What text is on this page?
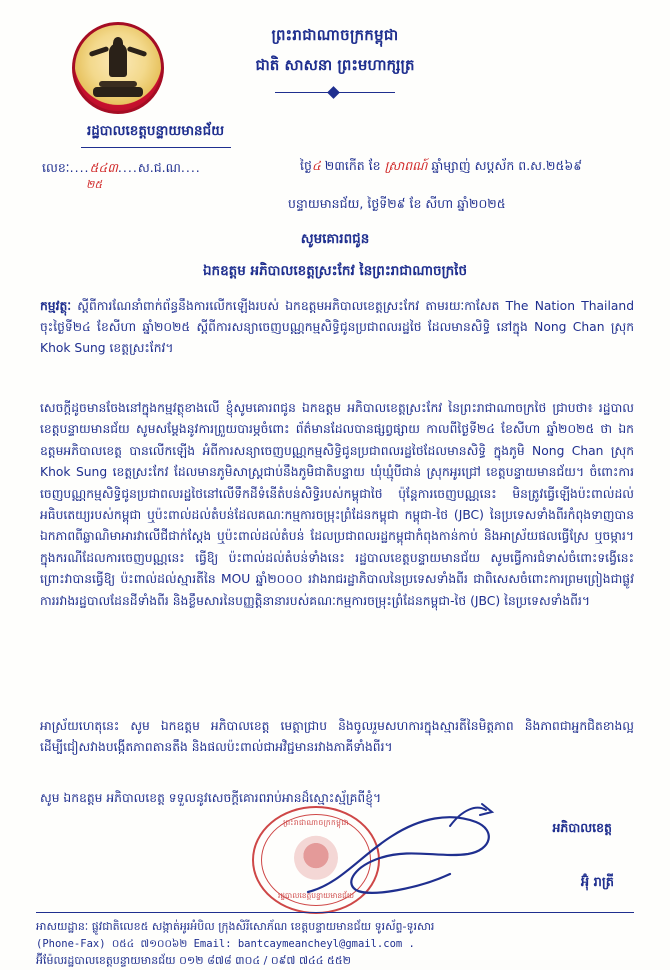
ព្រះរាជាណាចក្រកម្ពុជា
ជាតិ សាសនា ព្រះមហាក្សត្រ
រដ្ឋបាលខេត្តបន្ទាយមានជ័យ
លេខៈ....៥៤៣....ស.ជ.ណ....
២៥
ថ្ងៃ៤ ២៣កើត ខែ ស្រាពណ៍ ឆ្នាំម្សាញ់ សប្តស័ក ព.ស.២៥៦៩
បន្ទាយមានជ័យ, ថ្ងៃទី២៩ ខែ សីហា ឆ្នាំ២០២៥
សូមគោរពជូន
ឯកឧត្តម អភិបាលខេត្តស្រះកែវ នៃព្រះរាជាណាចក្រថៃ
កម្មវត្ថុៈ ស្តីពីការណែនាំពាក់ព័ន្ធនឹងការលើកឡើងរបស់ ឯកឧត្តមអភិបាលខេត្តស្រះកែវ តាមរយៈកាសែត The Nation Thailand ចុះថ្ងៃទី២៤ ខែសីហា ឆ្នាំ២០២៥ ស្តីពីការសន្យាចេញបណ្ណកម្មសិទ្ធិជូនប្រជាពលរដ្ឋថៃ ដែលមានសិទ្ធិ នៅក្នុង Nong Chan ស្រុក Khok Sung ខេត្តស្រះកែវ។
សេចក្តីដូចមានចែងនៅក្នុងកម្មវត្ថុខាងលើ ខ្ញុំសូមគោរពជូន ឯកឧត្តម អភិបាលខេត្តស្រះកែវ នៃព្រះរាជាណាចក្រថៃ ជ្រាបថា៖ រដ្ឋបាលខេត្តបន្ទាយមានជ័យ សូមសម្តែងនូវការព្រួយបារម្ភចំពោះ ព័ត៌មានដែលបានផ្សព្វផ្សាយ កាលពីថ្ងៃទី២៤ ខែសីហា ឆ្នាំ២០២៥ ថា ឯកឧត្តមអភិបាលខេត្ត បានលើកឡើង អំពីការសន្យាចេញបណ្ណកម្មសិទ្ធិជូនប្រជាពលរដ្ឋថៃដែលមានសិទ្ធិ ក្នុងភូមិ Nong Chan ស្រុក Khok Sung ខេត្តស្រះកែវ ដែលមានភូមិសាស្ត្រជាប់នឹងភូមិជាតិបន្ទាយ ឃុំឃ្មុំបីជាន់ ស្រុកអូរជ្រៅ ខេត្តបន្ទាយមានជ័យ។ ចំពោះការចេញបណ្ណកម្មសិទ្ធិជូនប្រជាពលរដ្ឋថៃនៅលើទឹកដីទំនើតំបន់សិទ្ធិរបស់កម្ពុជាថៃ ប៉ុន្តែការចេញបណ្ណនេះ មិនត្រូវធ្វើឡើងប៉ះពាល់ដល់អធិបតេយ្យរបស់កម្ពុជា ឬប៉ះពាល់ដល់តំបន់ដែលគណៈកម្មការចម្រុះព្រំដែនកម្ពុជា កម្ពុជា-ថៃ (JBC) នៃប្រទេសទាំងពីរកំពុងទាញបានឯកភាពពីឆ្លាណិមាអារវាលើជីជាក់ស្តែង ឬប៉ះពាល់ដល់តំបន់ ដែលប្រជាពលរដ្ឋកម្ពុជាកំពុងកាន់កាប់ និងអាស្រ័យផលធ្វើស្រែ ឬចម្ការ។ ក្នុងករណីដែលការចេញបណ្ណនេះ ធ្វើឱ្យ ប៉ះពាល់ដល់តំបន់ទាំងនេះ រដ្ឋបាលខេត្តបន្ទាយមានជ័យ សូមធ្វើការជំទាស់ចំពោះទង្វើនេះ ព្រោះវាបានធ្វើឱ្យ ប៉ះពាល់ដល់ស្មារតីនៃ MOU ឆ្នាំ២០០០ រវាងរាជរដ្ឋាភិបាលនៃប្រទេសទាំងពីរ ជាពិសេសចំពោះការព្រមព្រៀងជាផ្លូវការរវាងរដ្ឋបាលដែនដីទាំងពីរ និងខ្លឹមសារនៃបញ្ញត្តិនានារបស់គណៈកម្មការចម្រុះព្រំដែនកម្ពុជា-ថៃ (JBC) នៃប្រទេសទាំងពីរ។
អាស្រ័យហេតុនេះ សូម ឯកឧត្តម អភិបាលខេត្ត មេត្តាជ្រាប និងចូលរួមសហការក្នុងស្មារតីនៃមិត្តភាព និងភាពជាអ្នកជិតខាងល្អ ដើម្បីជៀសវាងបង្កើតភាពតានតឹង និងផលប៉ះពាល់ជាអវិជ្ជមានរវាងភាគីទាំងពីរ។
សូម ឯកឧត្តម អភិបាលខេត្ត ទទួលនូវសេចក្តីគោរពរាប់អានដ៏ស្មោះស្ម័គ្រពីខ្ញុំ។
អភិបាលខេត្ត
ព្រះរាជាណាចក្រកម្ពុជា
រដ្ឋបាលខេត្តបន្ទាយមានជ័យ
អ៊ុំ រាត្រី
អាសយដ្ឋានៈ ផ្លូវជាតិលេខ៥ សង្កាត់អូរអំបិល ក្រុងសិរីសោភ័ណ ខេត្តបន្ទាយមានជ័យ ទូរស័ព្ទ-ទូរសារ
(Phone-Fax) ០៥៤ ៧១០០៦២ Email: bantcaymeancheyl@gmail.com .
អ៊ីម៉ែលរដ្ឋបាលខេត្តបន្ទាយមានជ័យ ០១២ ៨៧៨ ៣០៤ / ០៩៧ ៧៤៤ ៥៥២
